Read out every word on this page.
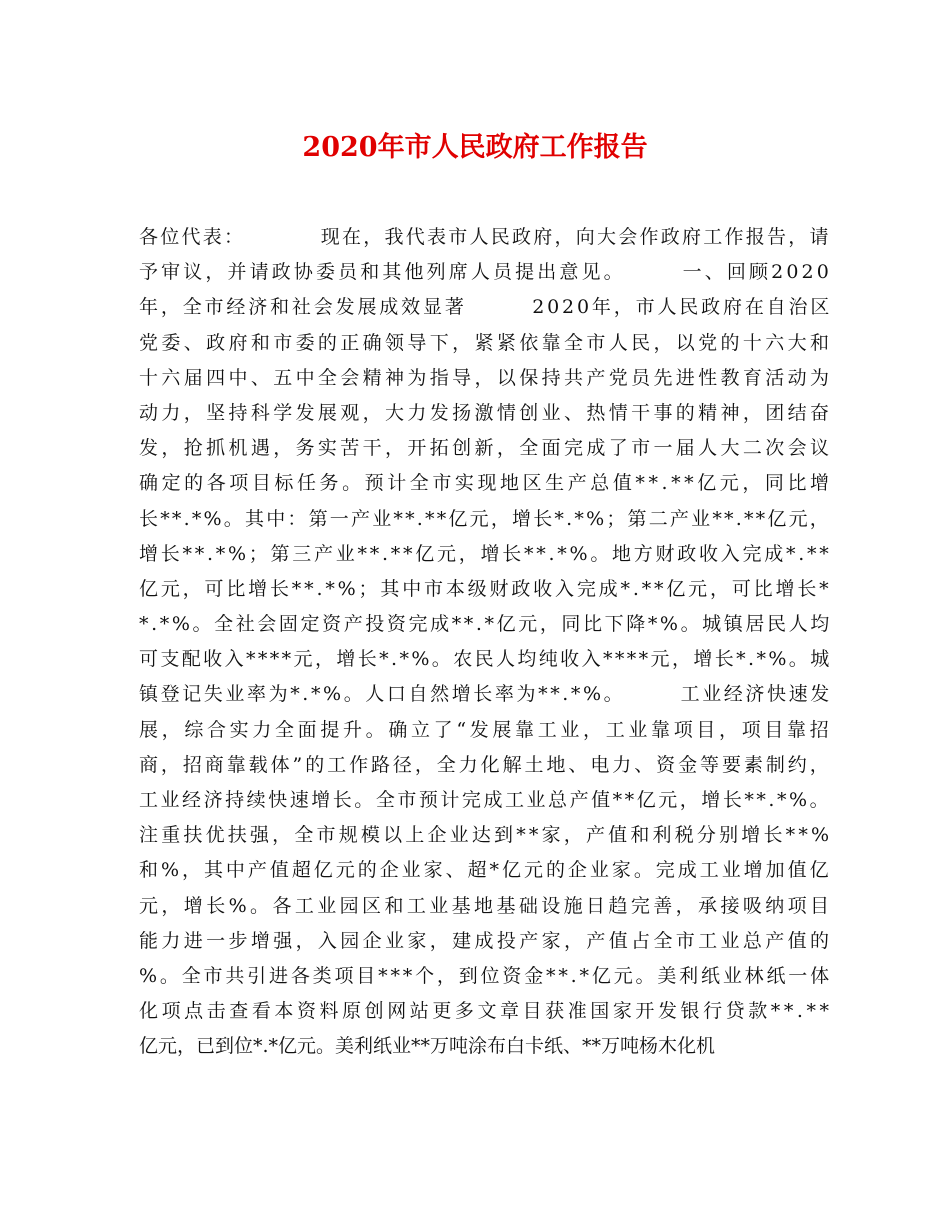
2020年市人民政府工作报告
各位代表：　　　　现在，我代表市人民政府，向大会作政府工作报告，请
予审议，并请政协委员和其他列席人员提出意见。　　　一、回顾2020
年，全市经济和社会发展成效显著　　　2020年，市人民政府在自治区
党委、政府和市委的正确领导下，紧紧依靠全市人民，以党的十六大和
十六届四中、五中全会精神为指导，以保持共产党员先进性教育活动为
动力，坚持科学发展观，大力发扬激情创业、热情干事的精神，团结奋
发，抢抓机遇，务实苦干，开拓创新，全面完成了市一届人大二次会议
确定的各项目标任务。预计全市实现地区生产总值**.**亿元，同比增
长**.*%。其中：第一产业**.**亿元，增长*.*%；第二产业**.**亿元，
增长**.*%；第三产业**.**亿元，增长**.*%。地方财政收入完成*.**
亿元，可比增长**.*%；其中市本级财政收入完成*.**亿元，可比增长*
*.*%。全社会固定资产投资完成**.*亿元，同比下降*%。城镇居民人均
可支配收入****元，增长*.*%。农民人均纯收入****元，增长*.*%。城
镇登记失业率为*.*%。人口自然增长率为**.*%。　　　工业经济快速发
展，综合实力全面提升。确立了“发展靠工业，工业靠项目，项目靠招
商，招商靠载体”的工作路径，全力化解土地、电力、资金等要素制约，
工业经济持续快速增长。全市预计完成工业总产值**亿元，增长**.*%。
注重扶优扶强，全市规模以上企业达到**家，产值和利税分别增长**%
和%，其中产值超亿元的企业家、超*亿元的企业家。完成工业增加值亿
元，增长%。各工业园区和工业基地基础设施日趋完善，承接吸纳项目
能力进一步增强，入园企业家，建成投产家，产值占全市工业总产值的
%。全市共引进各类项目***个，到位资金**.*亿元。美利纸业林纸一体
化项点击查看本资料原创网站更多文章目获准国家开发银行贷款**.**
亿元，已到位*.*亿元。美利纸业**万吨涂布白卡纸、**万吨杨木化机
